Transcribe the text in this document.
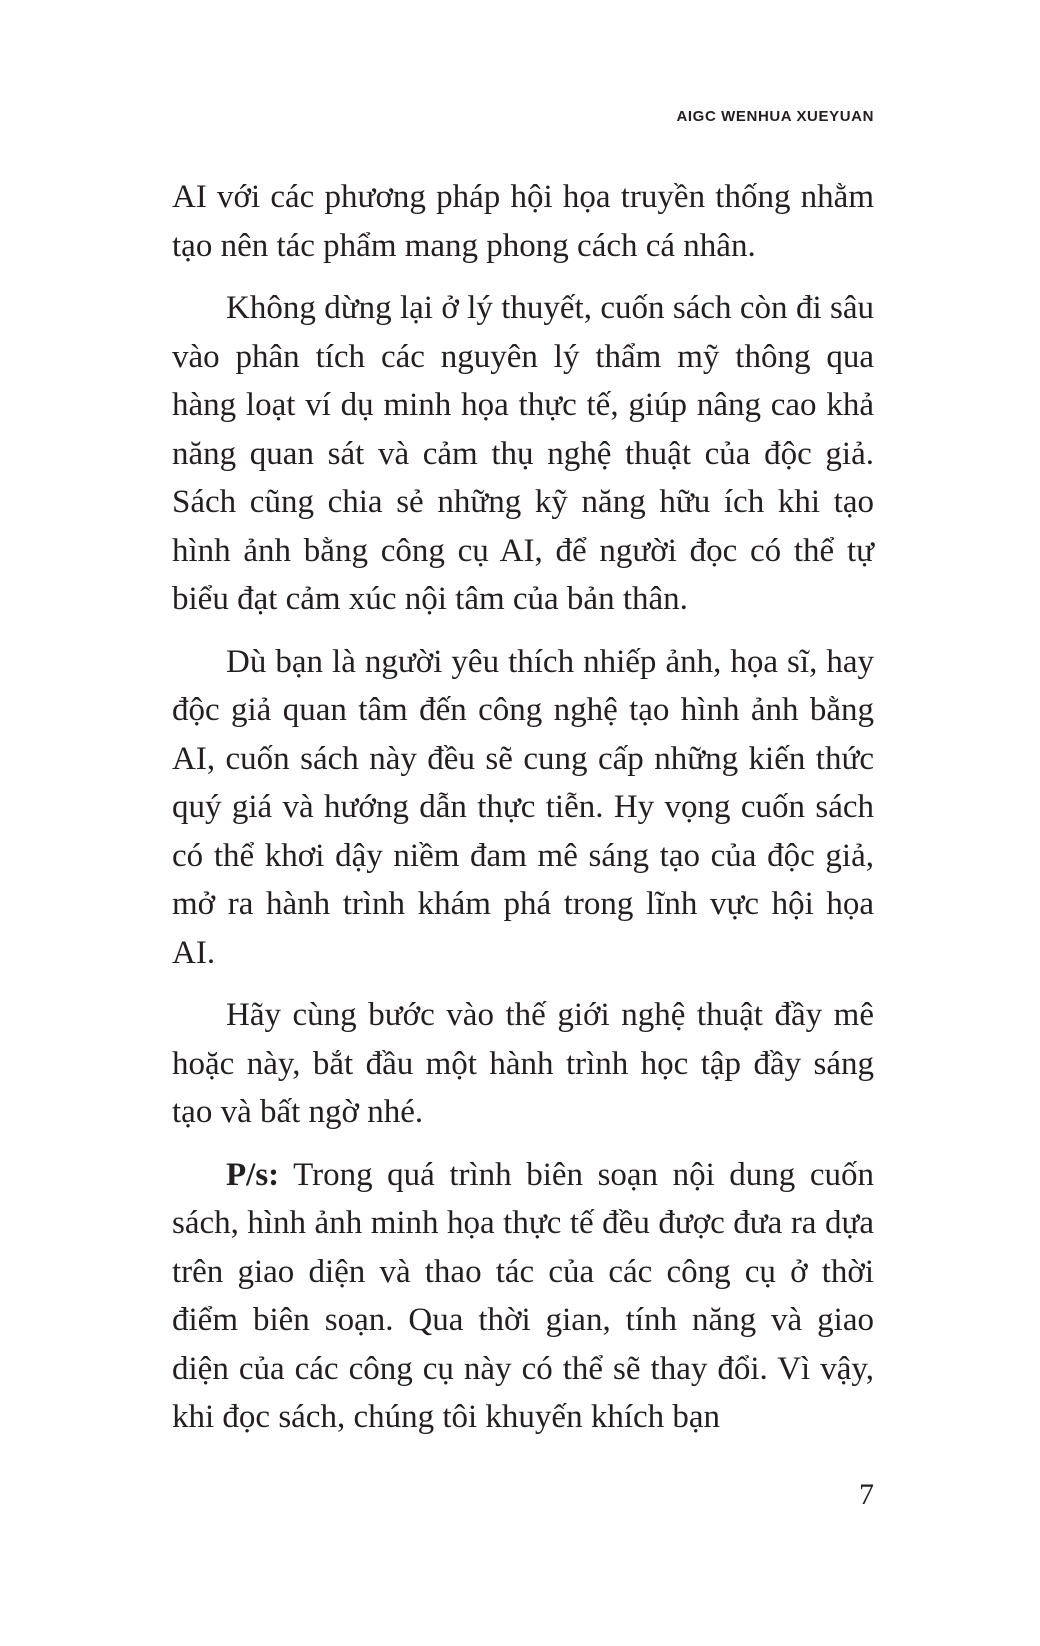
AIGC WENHUA XUEYUAN

AI với các phương pháp hội họa truyền thống nhằm tạo nên tác phẩm mang phong cách cá nhân.

Không dừng lại ở lý thuyết, cuốn sách còn đi sâu vào phân tích các nguyên lý thẩm mỹ thông qua hàng loạt ví dụ minh họa thực tế, giúp nâng cao khả năng quan sát và cảm thụ nghệ thuật của độc giả. Sách cũng chia sẻ những kỹ năng hữu ích khi tạo hình ảnh bằng công cụ AI, để người đọc có thể tự biểu đạt cảm xúc nội tâm của bản thân.

Dù bạn là người yêu thích nhiếp ảnh, họa sĩ, hay độc giả quan tâm đến công nghệ tạo hình ảnh bằng AI, cuốn sách này đều sẽ cung cấp những kiến thức quý giá và hướng dẫn thực tiễn. Hy vọng cuốn sách có thể khơi dậy niềm đam mê sáng tạo của độc giả, mở ra hành trình khám phá trong lĩnh vực hội họa AI.

Hãy cùng bước vào thế giới nghệ thuật đầy mê hoặc này, bắt đầu một hành trình học tập đầy sáng tạo và bất ngờ nhé.

P/s: Trong quá trình biên soạn nội dung cuốn sách, hình ảnh minh họa thực tế đều được đưa ra dựa trên giao diện và thao tác của các công cụ ở thời điểm biên soạn. Qua thời gian, tính năng và giao diện của các công cụ này có thể sẽ thay đổi. Vì vậy, khi đọc sách, chúng tôi khuyến khích bạn

7
